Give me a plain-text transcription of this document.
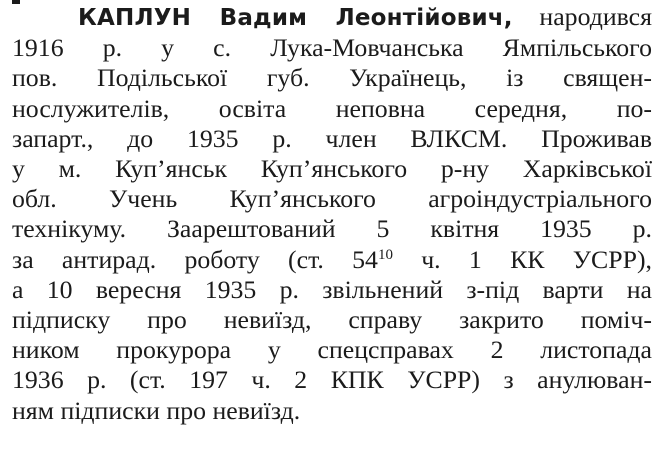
КАПЛУН Вадим Леонтійович, народився
1916 р. у с. Лука-Мовчанська Ямпільського
пов. Подільської губ. Українець, із священ-
нослужителів, освіта неповна середня, по-
запарт., до 1935 р. член ВЛКСМ. Проживав
у м. Куп’янськ Куп’янського р-ну Харківської
обл. Учень Куп’янського агроіндустріального
технікуму. Заарештований 5 квітня 1935 р.
за антирад. роботу (ст. $54^{10}$ ч. 1 КК УСРР),
а 10 вересня 1935 р. звільнений з-під варти на
підписку про невиїзд, справу закрито поміч-
ником прокурора у спецсправах 2 листопада
1936 р. (ст. 197 ч. 2 КПК УСРР) з анулюван-
ням підписки про невиїзд.
